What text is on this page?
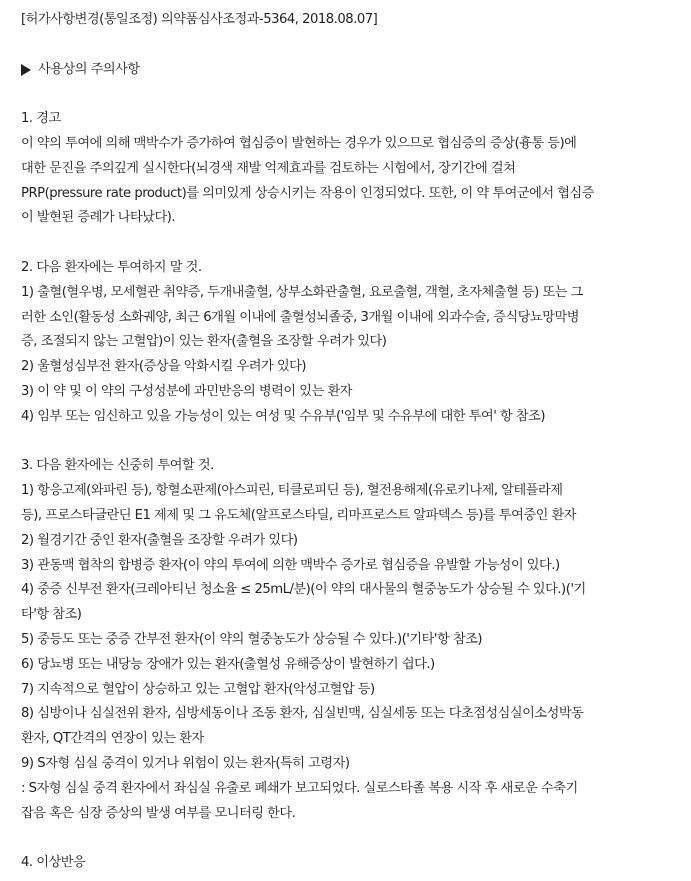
[허가사항변경(통일조정) 의약품심사조정과-5364, 2018.08.07]
사용상의 주의사항
1. 경고
이 약의 투여에 의해 맥박수가 증가하여 협심증이 발현하는 경우가 있으므로 협심증의 증상(흉통 등)에
대한 문진을 주의깊게 실시한다(뇌경색 재발 억제효과를 검토하는 시험에서, 장기간에 걸쳐
PRP(pressure rate product)를 의미있게 상승시키는 작용이 인정되었다. 또한, 이 약 투여군에서 협심증
이 발현된 증례가 나타났다).
2. 다음 환자에는 투여하지 말 것.
1) 출혈(혈우병, 모세혈관 취약증, 두개내출혈, 상부소화관출혈, 요로출혈, 객혈, 초자체출혈 등) 또는 그
러한 소인(활동성 소화궤양, 최근 6개월 이내에 출혈성뇌졸중, 3개월 이내에 외과수술, 증식당뇨망막병
증, 조절되지 않는 고혈압)이 있는 환자(출혈을 조장할 우려가 있다)
2) 울혈성심부전 환자(증상을 악화시킬 우려가 있다)
3) 이 약 및 이 약의 구성성분에 과민반응의 병력이 있는 환자
4) 임부 또는 임신하고 있을 가능성이 있는 여성 및 수유부('임부 및 수유부에 대한 투여' 항 참조)
3. 다음 환자에는 신중히 투여할 것.
1) 항응고제(와파린 등), 항혈소판제(아스피린, 티클로피딘 등), 혈전용해제(유로키나제, 알테플라제
등), 프로스타글란딘 E1 제제 및 그 유도체(알프로스타딜, 리마프로스트 알파덱스 등)를 투여중인 환자
2) 월경기간 중인 환자(출혈을 조장할 우려가 있다)
3) 관동맥 협착의 합병증 환자(이 약의 투여에 의한 맥박수 증가로 협심증을 유발할 가능성이 있다.)
4) 중증 신부전 환자(크레아티닌 청소율 ≤ 25mL/분)(이 약의 대사물의 혈중농도가 상승될 수 있다.)('기
타'항 참조)
5) 중등도 또는 중증 간부전 환자(이 약의 혈중농도가 상승될 수 있다.)('기타'항 참조)
6) 당뇨병 또는 내당능 장애가 있는 환자(출혈성 유해증상이 발현하기 쉽다.)
7) 지속적으로 혈압이 상승하고 있는 고혈압 환자(악성고혈압 등)
8) 심방이나 심실전위 환자, 심방세동이나 조동 환자, 심실빈맥, 심실세동 또는 다초점성심실이소성박동
환자, QT간격의 연장이 있는 환자
9) S자형 심실 중격이 있거나 위험이 있는 환자(특히 고령자)
: S자형 심실 중격 환자에서 좌심실 유출로 폐쇄가 보고되었다. 실로스타졸 복용 시작 후 새로운 수축기
잡음 혹은 심장 증상의 발생 여부를 모니터링 한다.
4. 이상반응
